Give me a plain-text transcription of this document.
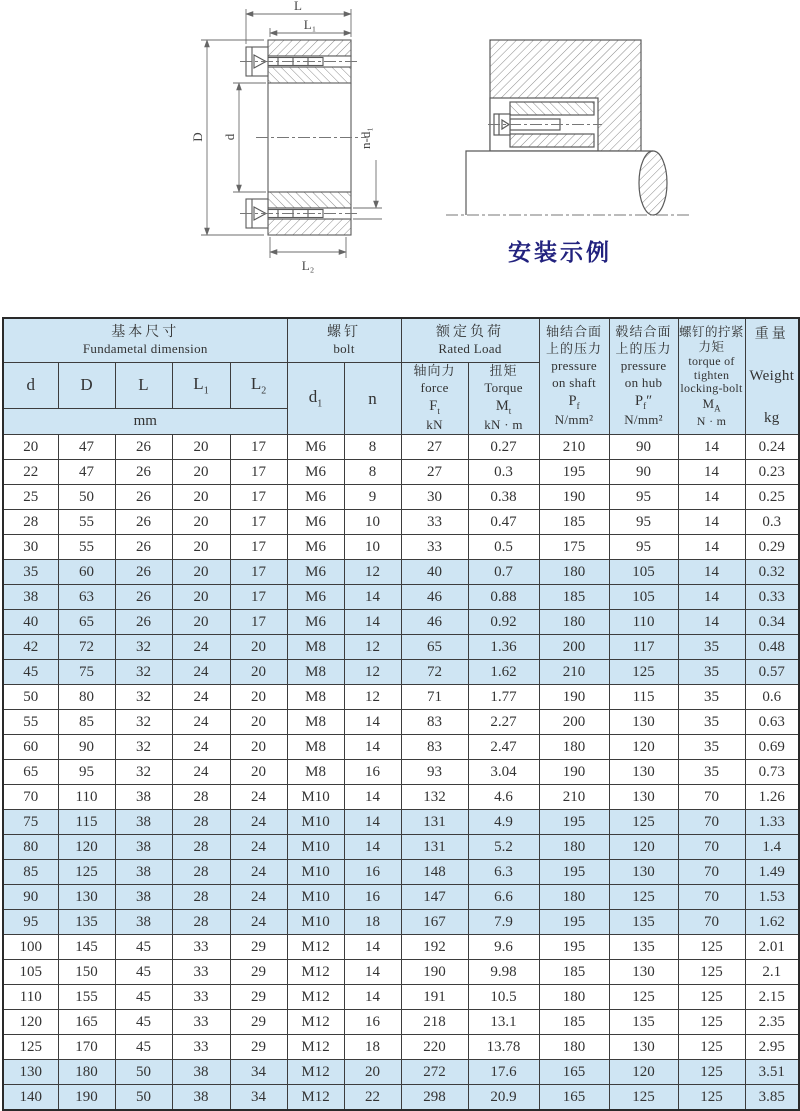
L
L₁
D d	n-d₁
L₂
安装示例
基本尺寸
Fundametal dimension

螺钉
bolt

额定负荷
Rated Load

轴结合面
上的压力
pressure
on shaft
$P_f$
N/mm²

毂结合面
上的压力
pressure
on hub
$P_f''$
N/mm²

螺钉的拧紧
力矩
torque of
tighten
locking-bolt
$M_A$
N · m

重量
Weight
kg

d	D	L	$L_1$	$L_2$	$d_1$	n	
轴向力
force
$F_t$
kN

扭矩
Torque
$M_t$
kN · m

mm												
20	47	26	20	17	M6	8	27	0.27	210	90	14	0.24
22	47	26	20	17	M6	8	27	0.3	195	90	14	0.23
25	50	26	20	17	M6	9	30	0.38	190	95	14	0.25
28	55	26	20	17	M6	10	33	0.47	185	95	14	0.3
30	55	26	20	17	M6	10	33	0.5	175	95	14	0.29
35	60	26	20	17	M6	12	40	0.7	180	105	14	0.32
38	63	26	20	17	M6	14	46	0.88	185	105	14	0.33
40	65	26	20	17	M6	14	46	0.92	180	110	14	0.34
42	72	32	24	20	M8	12	65	1.36	200	117	35	0.48
45	75	32	24	20	M8	12	72	1.62	210	125	35	0.57
50	80	32	24	20	M8	12	71	1.77	190	115	35	0.6
55	85	32	24	20	M8	14	83	2.27	200	130	35	0.63
60	90	32	24	20	M8	14	83	2.47	180	120	35	0.69
65	95	32	24	20	M8	16	93	3.04	190	130	35	0.73
70	110	38	28	24	M10	14	132	4.6	210	130	70	1.26
75	115	38	28	24	M10	14	131	4.9	195	125	70	1.33
80	120	38	28	24	M10	14	131	5.2	180	120	70	1.4
85	125	38	28	24	M10	16	148	6.3	195	130	70	1.49
90	130	38	28	24	M10	16	147	6.6	180	125	70	1.53
95	135	38	28	24	M10	18	167	7.9	195	135	70	1.62
100	145	45	33	29	M12	14	192	9.6	195	135	125	2.01
105	150	45	33	29	M12	14	190	9.98	185	130	125	2.1
110	155	45	33	29	M12	14	191	10.5	180	125	125	2.15
120	165	45	33	29	M12	16	218	13.1	185	135	125	2.35
125	170	45	33	29	M12	18	220	13.78	180	130	125	2.95
130	180	50	38	34	M12	20	272	17.6	165	120	125	3.51
140	190	50	38	34	M12	22	298	20.9	165	125	125	3.85
